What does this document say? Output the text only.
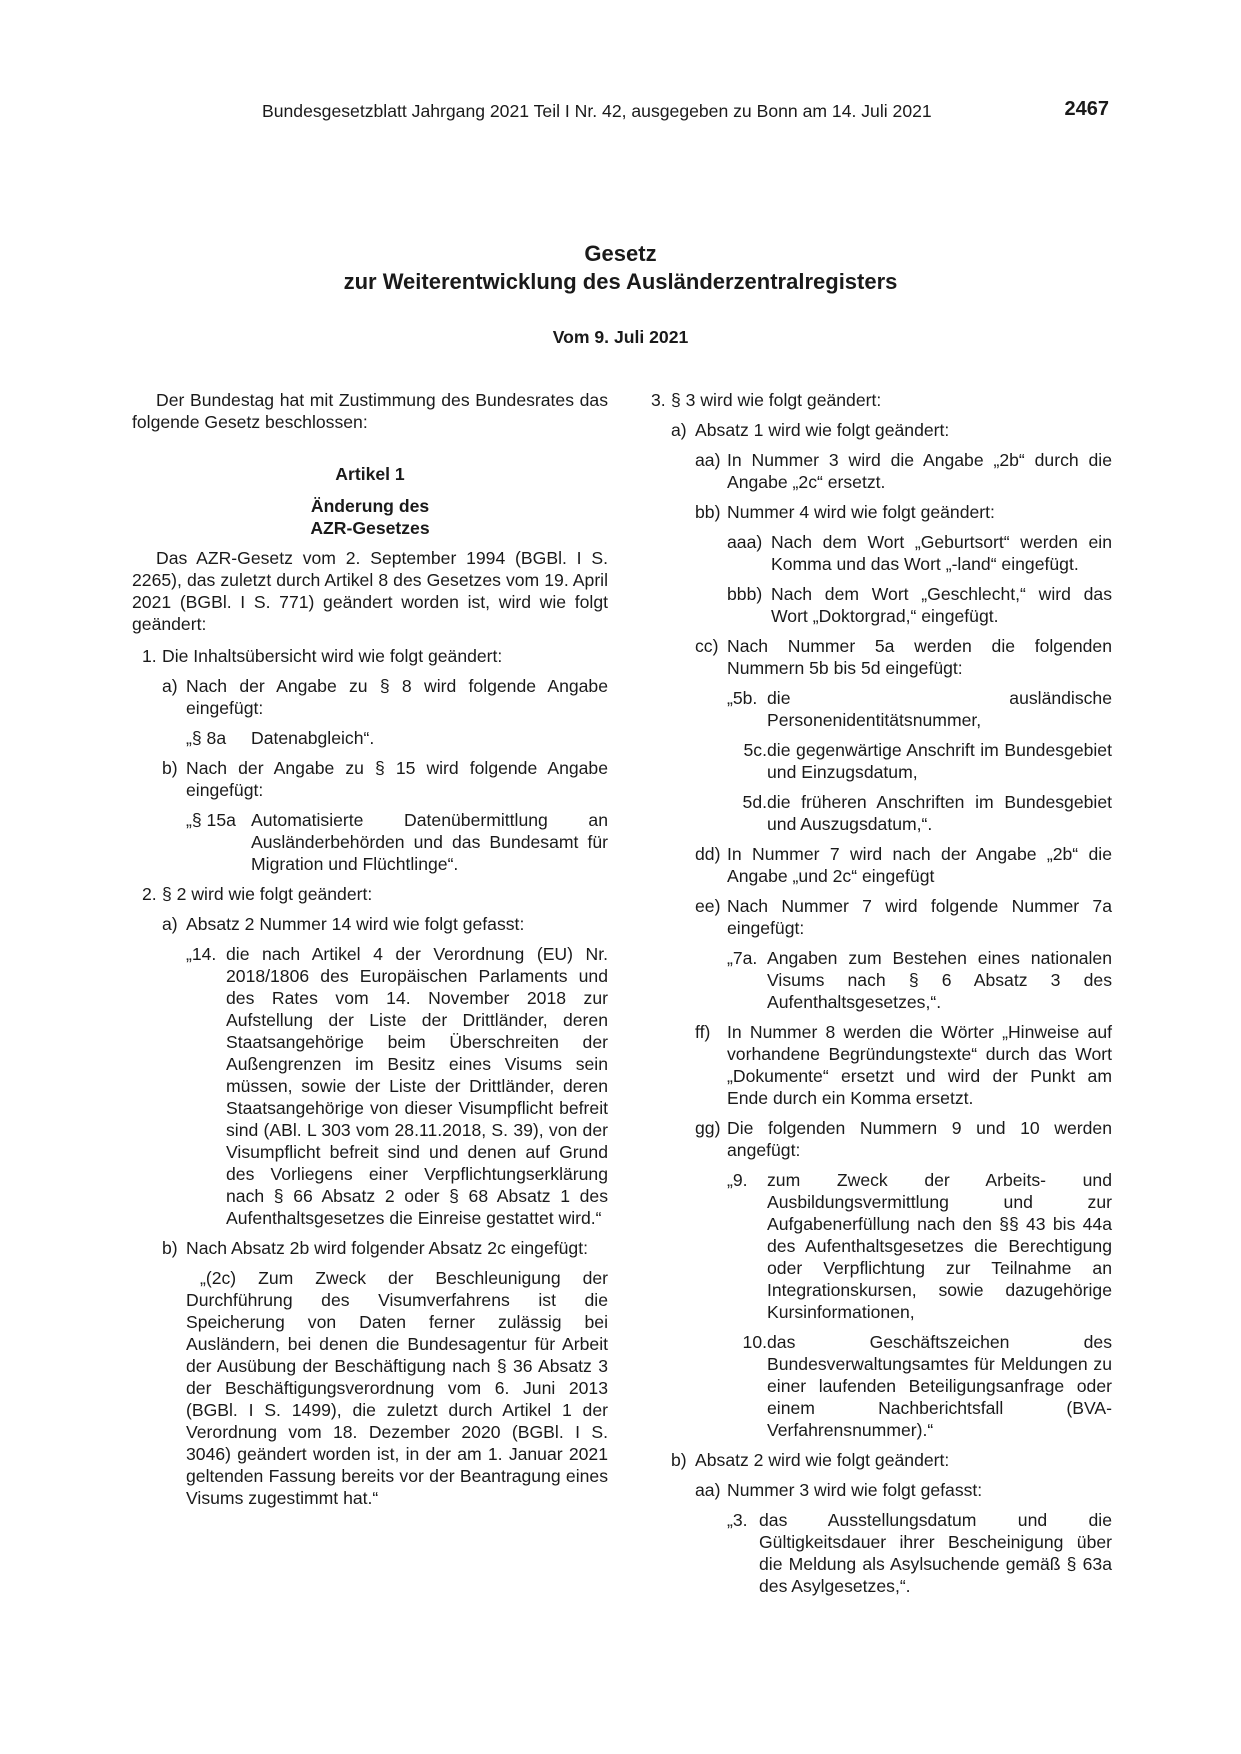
Bundesgesetzblatt Jahrgang 2021 Teil I Nr. 42, ausgegeben zu Bonn am 14. Juli 2021	2467
Gesetz
zur Weiterentwicklung des Ausländerzentralregisters
Vom 9. Juli 2021

Der Bundestag hat mit Zustimmung des Bundesrates das folgende Gesetz beschlossen:

Artikel 1

Änderung des

AZR-Gesetzes

Das AZR-Gesetz vom 2. September 1994 (BGBl. I S. 2265), das zuletzt durch Artikel 8 des Gesetzes vom 19. April 2021 (BGBl. I S. 771) geändert worden ist, wird wie folgt geändert:

1. Die Inhaltsübersicht wird wie folgt geändert:
a) Nach der Angabe zu § 8 wird folgende Angabe eingefügt:
„§ 8a	Datenabgleich“.
b) Nach der Angabe zu § 15 wird folgende Angabe eingefügt:
„§ 15a Automatisierte Datenübermittlung an Ausländerbehörden und das Bundesamt für Migration und Flüchtlinge“.
2. § 2 wird wie folgt geändert:
a) Absatz 2 Nummer 14 wird wie folgt gefasst:
„14. die nach Artikel 4 der Verordnung (EU) Nr. 2018/1806 des Europäischen Parlaments und des Rates vom 14. November 2018 zur Aufstellung der Liste der Drittländer, deren Staatsangehörige beim Überschreiten der Außengrenzen im Besitz eines Visums sein müssen, sowie der Liste der Drittländer, deren Staatsangehörige von dieser Visumpflicht befreit sind (ABl. L 303 vom 28.11.2018, S. 39), von der Visumpflicht befreit sind und denen auf Grund des Vorliegens einer Verpflichtungserklärung nach § 66 Absatz 2 oder § 68 Absatz 1 des Aufenthaltsgesetzes die Einreise gestattet wird.“
b) Nach Absatz 2b wird folgender Absatz 2c eingefügt:

„(2c) Zum Zweck der Beschleunigung der Durchführung des Visumverfahrens ist die Speicherung von Daten ferner zulässig bei Ausländern, bei denen die Bundesagentur für Arbeit der Ausübung der Beschäftigung nach § 36 Absatz 3 der Beschäftigungsverordnung vom 6. Juni 2013 (BGBl. I S. 1499), die zuletzt durch Artikel 1 der Verordnung vom 18. Dezember 2020 (BGBl. I S. 3046) geändert worden ist, in der am 1. Januar 2021 geltenden Fassung bereits vor der Beantragung eines Visums zugestimmt hat.“

3. § 3 wird wie folgt geändert:
a) Absatz 1 wird wie folgt geändert:
aa) In Nummer 3 wird die Angabe „2b“ durch die Angabe „2c“ ersetzt.
bb) Nummer 4 wird wie folgt geändert:
aaa) Nach dem Wort „Geburtsort“ werden ein Komma und das Wort „-land“ eingefügt.
bbb) Nach dem Wort „Geschlecht,“ wird das Wort „Doktorgrad,“ eingefügt.
cc) Nach Nummer 5a werden die folgenden Nummern 5b bis 5d eingefügt:
„5b. die ausländische Personenidentitätsnummer,
5c. die gegenwärtige Anschrift im Bundesgebiet und Einzugsdatum,
5d. die früheren Anschriften im Bundesgebiet und Auszugsdatum,“.
dd) In Nummer 7 wird nach der Angabe „2b“ die Angabe „und 2c“ eingefügt
ee) Nach Nummer 7 wird folgende Nummer 7a eingefügt:
„7a. Angaben zum Bestehen eines nationalen Visums nach § 6 Absatz 3 des Aufenthaltsgesetzes,“.
ff) In Nummer 8 werden die Wörter „Hinweise auf vorhandene Begründungstexte“ durch das Wort „Dokumente“ ersetzt und wird der Punkt am Ende durch ein Komma ersetzt.
gg) Die folgenden Nummern 9 und 10 werden angefügt:
„9.	zum Zweck der Arbeits- und Ausbildungsvermittlung und zur Aufgabenerfüllung nach den §§ 43 bis 44a des Aufenthaltsgesetzes die Berechtigung oder Verpflichtung zur Teilnahme an Integrationskursen, sowie dazugehörige Kursinformationen,
10. das Geschäftszeichen des Bundesverwaltungsamtes für Meldungen zu einer laufenden Beteiligungsanfrage oder einem Nachberichtsfall (BVA-Verfahrensnummer).“
b) Absatz 2 wird wie folgt geändert:
aa) Nummer 3 wird wie folgt gefasst:
„3. das Ausstellungsdatum und die Gültigkeitsdauer ihrer Bescheinigung über die Meldung als Asylsuchende gemäß § 63a des Asylgesetzes,“.
